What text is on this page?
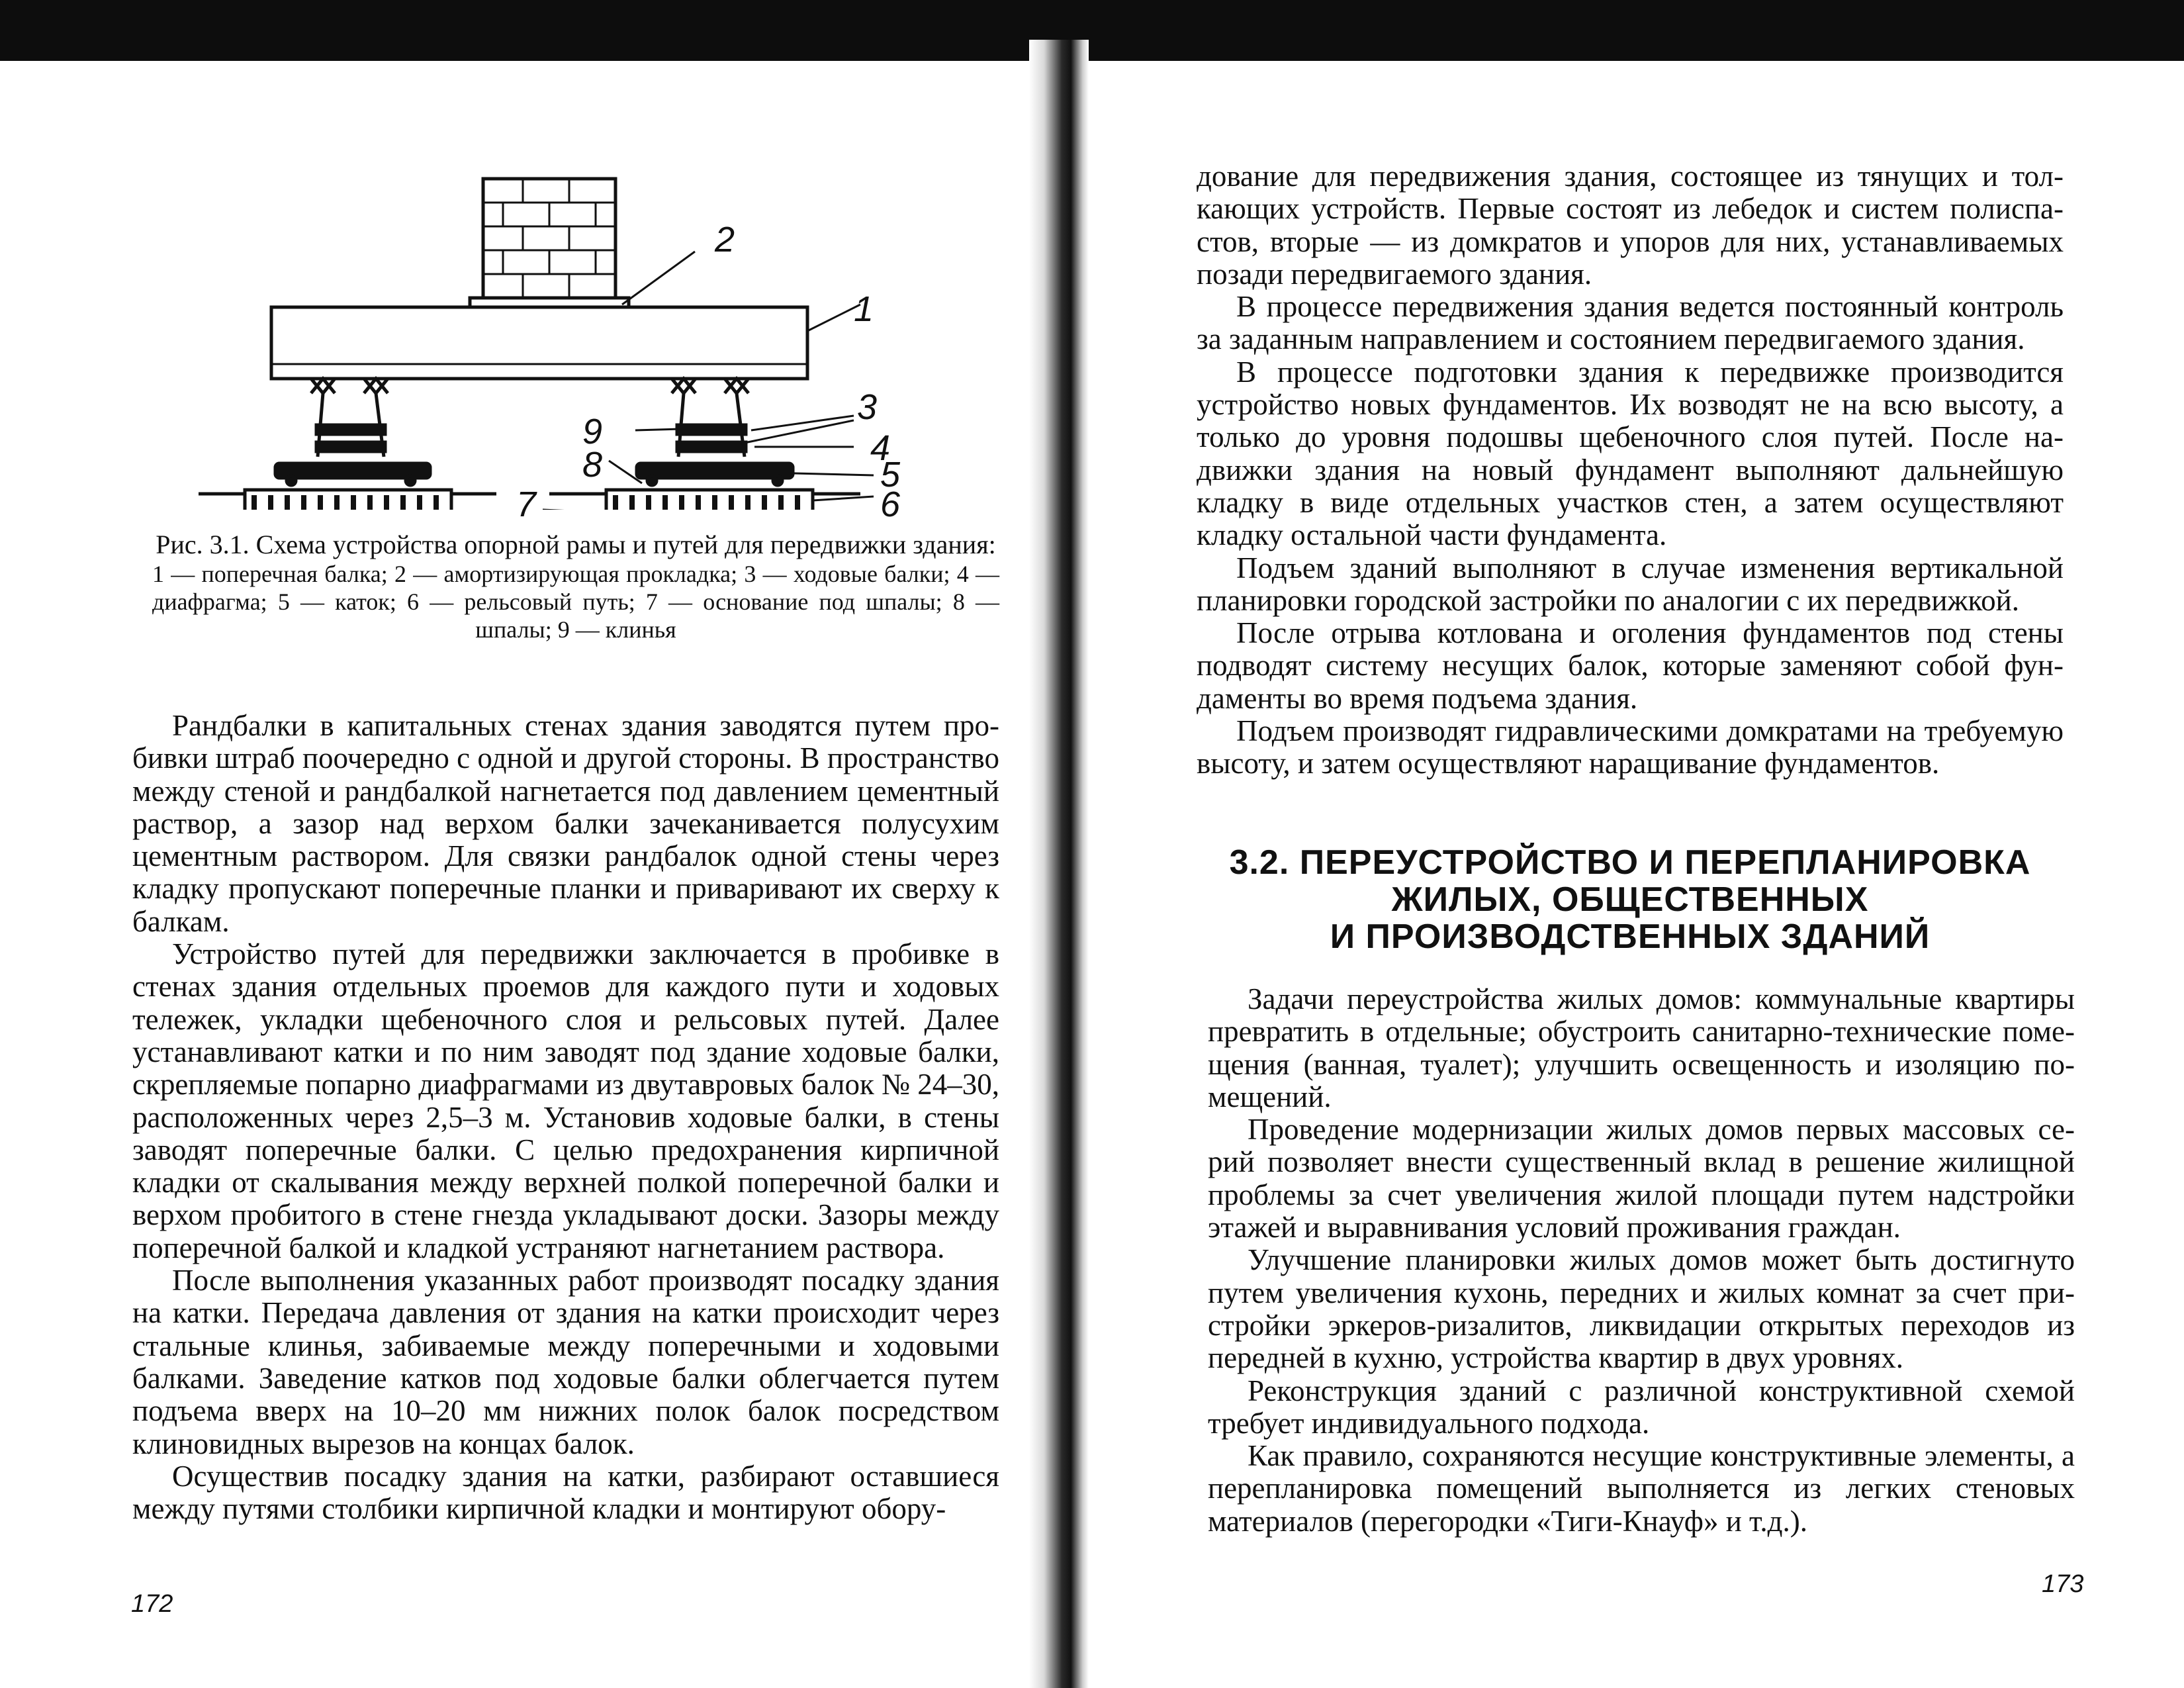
1
2
3
4
5
6
7
8
9
Рис. 3.1. Схема устройства опорной рамы и путей для передвижки здания:
1 — поперечная балка; 2 — амортизирующая прокладка; 3 — ходовые балки; 4 — диафрагма; 5 — каток; 6 — рельсовый путь; 7 — основание под шпалы; 8 — шпалы; 9 — клинья

Рандбалки в капитальных стенах здания заводятся путем пробивки штраб поочередно с одной и другой стороны. В пространство между стеной и рандбалкой нагнетается под давлением цементный раствор, а зазор над верхом балки зачеканивается полусухим цементным раствором. Для связки рандбалок одной стены через кладку пропускают поперечные планки и приваривают их сверху к балкам.

Устройство путей для передвижки заключается в пробивке в стенах здания отдельных проемов для каждого пути и ходовых тележек, укладки щебеночного слоя и рельсовых путей. Далее устанавливают катки и по ним заводят под здание ходовые балки, скрепляемые попарно диафрагмами из двутавровых балок № 24–30, расположенных через 2,5–3 м. Установив ходовые балки, в стены заводят поперечные балки. С целью предохранения кирпичной кладки от скалывания между верхней полкой поперечной балки и верхом пробитого в стене гнезда укладывают доски. Зазоры между поперечной балкой и кладкой устраняют нагнетанием раствора.

После выполнения указанных работ производят посадку здания на катки. Передача давления от здания на катки происходит через стальные клинья, забиваемые между поперечными и ходовыми балками. Заведение катков под ходовые балки облегчается путем подъема вверх на 10–20 мм нижних полок балок посредством клиновидных вырезов на концах балок.

Осуществив посадку здания на катки, разбирают оставшиеся между путями столбики кирпичной кладки и монтируют обору-

172

дование для передвижения здания, состоящее из тянущих и толкающих устройств. Первые состоят из лебедок и систем полиспастов, вторые — из домкратов и упоров для них, устанавливаемых позади передвигаемого здания.

В процессе передвижения здания ведется постоянный контроль за заданным направлением и состоянием передвигаемого здания.

В процессе подготовки здания к передвижке производится устройство новых фундаментов. Их возводят не на всю высоту, а только до уровня подошвы щебеночного слоя путей. После надвижки здания на новый фундамент выполняют дальнейшую кладку в виде отдельных участков стен, а затем осуществляют кладку остальной части фундамента.

Подъем зданий выполняют в случае изменения вертикальной планировки городской застройки по аналогии с их передвижкой.

После отрыва котлована и оголения фундаментов под стены подводят систему несущих балок, которые заменяют собой фундаменты во время подъема здания.

Подъем производят гидравлическими домкратами на требуемую высоту, и затем осуществляют наращивание фундаментов.

3.2. ПЕРЕУСТРОЙСТВО И ПЕРЕПЛАНИРОВКА
ЖИЛЫХ, ОБЩЕСТВЕННЫХ
И ПРОИЗВОДСТВЕННЫХ ЗДАНИЙ

Задачи переустройства жилых домов: коммунальные квартиры превратить в отдельные; обустроить санитарно-технические помещения (ванная, туалет); улучшить освещенность и изоляцию помещений.

Проведение модернизации жилых домов первых массовых серий позволяет внести существенный вклад в решение жилищной проблемы за счет увеличения жилой площади путем надстройки этажей и выравнивания условий проживания граждан.

Улучшение планировки жилых домов может быть достигнуто путем увеличения кухонь, передних и жилых комнат за счет пристройки эркеров-ризалитов, ликвидации открытых переходов из передней в кухню, устройства квартир в двух уровнях.

Реконструкция зданий с различной конструктивной схемой требует индивидуального подхода.

Как правило, сохраняются несущие конструктивные элементы, а перепланировка помещений выполняется из легких стеновых материалов (перегородки «Тиги-Кнауф» и т.д.).

173
